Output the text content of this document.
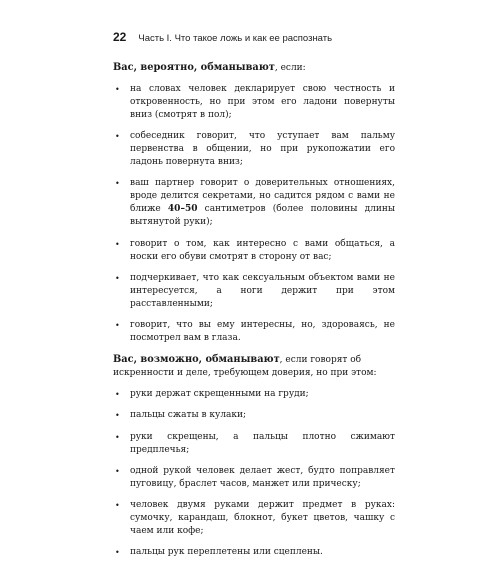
22 Часть I. Что такое ложь и как ее распознать

Вас, вероятно, обманывают, если:

• на словах человек декларирует свою честность и откровенность, но при этом его ладони повернуты вниз (смотрят в пол);
• собеседник говорит, что уступает вам пальму первенства в общении, но при рукопожатии его ладонь повернута вниз;
• ваш партнер говорит о доверительных отношениях, вроде делится секретами, но садится рядом с вами не ближе 40–50 сантиметров (более половины длины вытянутой руки);
• говорит о том, как интересно с вами общаться, а носки его обуви смотрят в сторону от вас;
• подчеркивает, что как сексуальным объектом вами не интересуется, а ноги держит при этом расставленными;
• говорит, что вы ему интересны, но, здороваясь, не посмотрел вам в глаза.

Вас, возможно, обманывают, если говорят об искренности и деле, требующем доверия, но при этом:

• руки держат скрещенными на груди;
• пальцы сжаты в кулаки;
• руки скрещены, а пальцы плотно сжимают предплечья;
• одной рукой человек делает жест, будто поправляет пуговицу, браслет часов, манжет или прическу;
• человек двумя руками держит предмет в руках: сумочку, карандаш, блокнот, букет цветов, чашку с чаем или кофе;
• пальцы рук переплетены или сцеплены.
